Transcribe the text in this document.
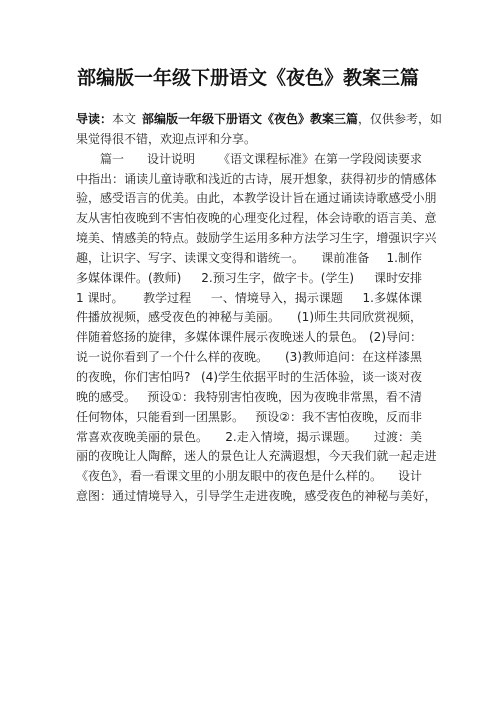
部编版一年级下册语文《夜色》教案三篇
导读：本文 部编版一年级下册语文《夜色》教案三篇，仅供参考，如
果觉得很不错，欢迎点评和分享。
篇一 设计说明 《语文课程标准》在第一学段阅读要求
中 指 出 ： 诵 读 儿 童 诗 歌 和 浅 近 的 古 诗 ， 展 开 想 象 ， 获 得 初 步 的 情 感 体
验 ， 感 受 语 言 的 优 美 。 由 此 ， 本 教 学 设 计 旨 在 通 过 诵 读 诗 歌 感 受 小 朋
友 从 害 怕 夜 晚 到 不 害 怕 夜 晚 的 心 理 变 化 过 程 ， 体 会 诗 歌 的 语 言 美 、 意
境 美 、 情 感 美 的 特 点 。 鼓 励 学 生 运 用 多 种 方 法 学 习 生 字 ， 增 强 识 字 兴
趣，让识字、写字、读课文变得和谐统一。 课前准备 1.制作
多媒体课件。(教师) 2.预习生字，做字卡。(学生) 课时安排
1 课时。 教学过程 一、情境导入，揭示课题 1.多媒体课
件播放视频，感受夜色的神秘与美丽。 (1)师生共同欣赏视频，
伴随着悠扬的旋律，多媒体课件展示夜晚迷人的景色。 (2)导问：
说一说你看到了一个什么样的夜晚。 (3)教师追问：在这样漆黑
的夜晚，你们害怕吗? (4)学生依据平时的生活体验，谈一谈对夜
晚的感受。 预设①：我特别害怕夜晚，因为夜晚非常黑，看不清
任何物体，只能看到一团黑影。 预设②：我不害怕夜晚，反而非
常喜欢夜晚美丽的景色。 2.走入情境，揭示课题。 过渡：美
丽 的 夜 晚 让 人 陶 醉 ， 迷 人 的 景 色 让 人 充 满 遐 想 ， 今 天 我 们 就 一 起 走 进
《夜色》，看一看课文里的小朋友眼中的夜色是什么样的。 设计
意 图 ： 通 过 情 境 导 入 ， 引 导 学 生 走 进 夜 晚 ， 感 受 夜 色 的 神 秘 与 美 好 ，
